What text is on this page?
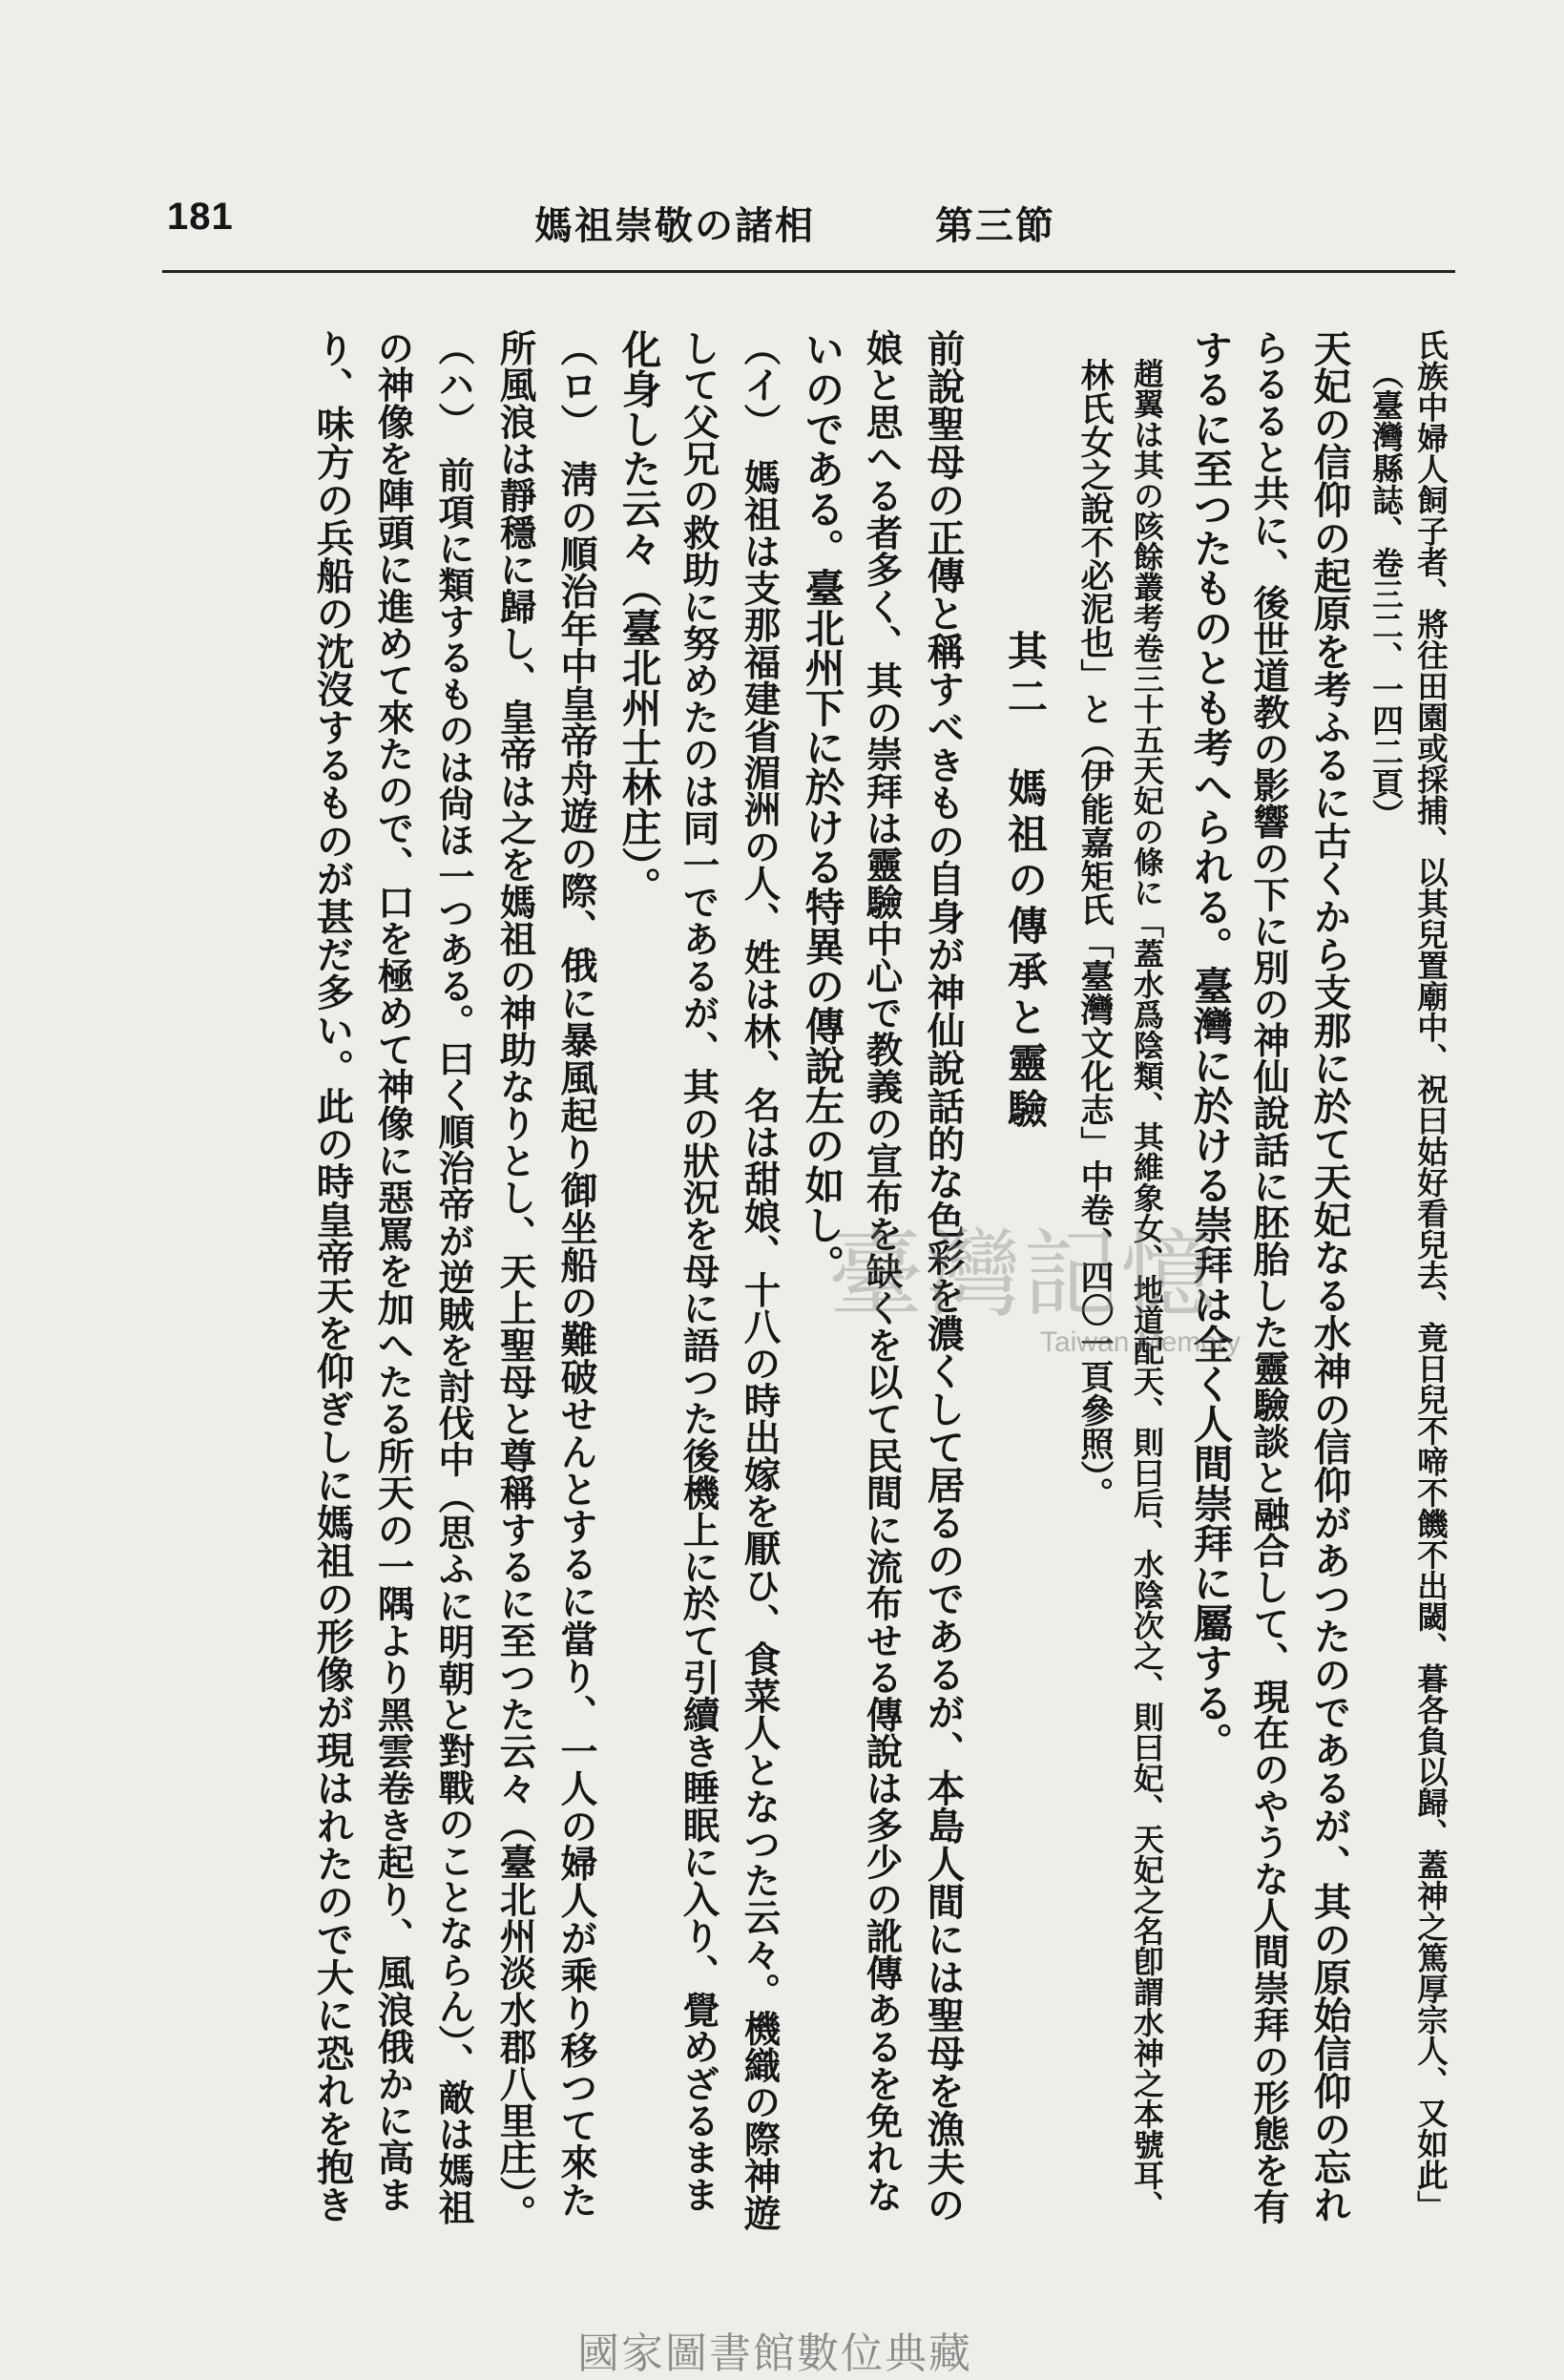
181	媽祖崇敬の諸相	第三節
氏族中婦人飼子者、將往田園或採捕、以其兒置廟中、祝曰姑好看兒去、竟日兒不啼不饑不出閾、暮各負以歸、蓋神之篤厚宗人、又如此」
（臺灣縣誌、卷三二、一四二頁）
天妃の信仰の起原を考ふるに古くから支那に於て天妃なる水神の信仰があつたのであるが、其の原始信仰の忘れ
らるると共に、後世道教の影響の下に別の神仙說話に胚胎した靈驗談と融合して、現在のやうな人間崇拜の形態を有
するに至つたものとも考へられる。臺灣に於ける崇拜は全く人間崇拜に屬する。
趙翼は其の陔餘叢考卷三十五天妃の條に「蓋水爲陰類、其維象女、地道配天、則曰后、水陰次之、則曰妃、天妃之名卽謂水神之本號耳、
林氏女之說不必泥也」と（伊能嘉矩氏「臺灣文化志」中卷、四〇一頁參照）。
其二　媽祖の傳承と靈驗
前說聖母の正傳と稱すべきもの自身が神仙說話的な色彩を濃くして居るのであるが、本島人間には聖母を漁夫の
娘と思へる者多く、其の崇拜は靈驗中心で教義の宣布を缺くを以て民間に流布せる傳說は多少の訛傳あるを免れな
いのである。臺北州下に於ける特異の傳說左の如し。
（イ）　媽祖は支那福建省湄洲の人、姓は林、名は甜娘、十八の時出嫁を厭ひ、食菜人となつた云々。機織の際神遊
して父兄の救助に努めたのは同一であるが、其の狀況を母に語つた後機上に於て引續き睡眠に入り、覺めざるまま
化身した云々（臺北州士林庄）。
（ロ）　淸の順治年中皇帝舟遊の際、俄に暴風起り御坐船の難破せんとするに當り、一人の婦人が乘り移つて來た
所風浪は靜穩に歸し、皇帝は之を媽祖の神助なりとし、天上聖母と尊稱するに至つた云々（臺北州淡水郡八里庄）。
（ハ）　前項に類するものは尙ほ一つある。曰く順治帝が逆賊を討伐中（思ふに明朝と對戰のことならん）、敵は媽祖
の神像を陣頭に進めて來たので、口を極めて神像に惡罵を加へたる所天の一隅より黑雲卷き起り、風浪俄かに高ま
り、味方の兵船の沈沒するものが甚だ多い。此の時皇帝天を仰ぎしに媽祖の形像が現はれたので大に恐れを抱き	臺灣記憶
Taiwan Memory
國家圖書館數位典藏
